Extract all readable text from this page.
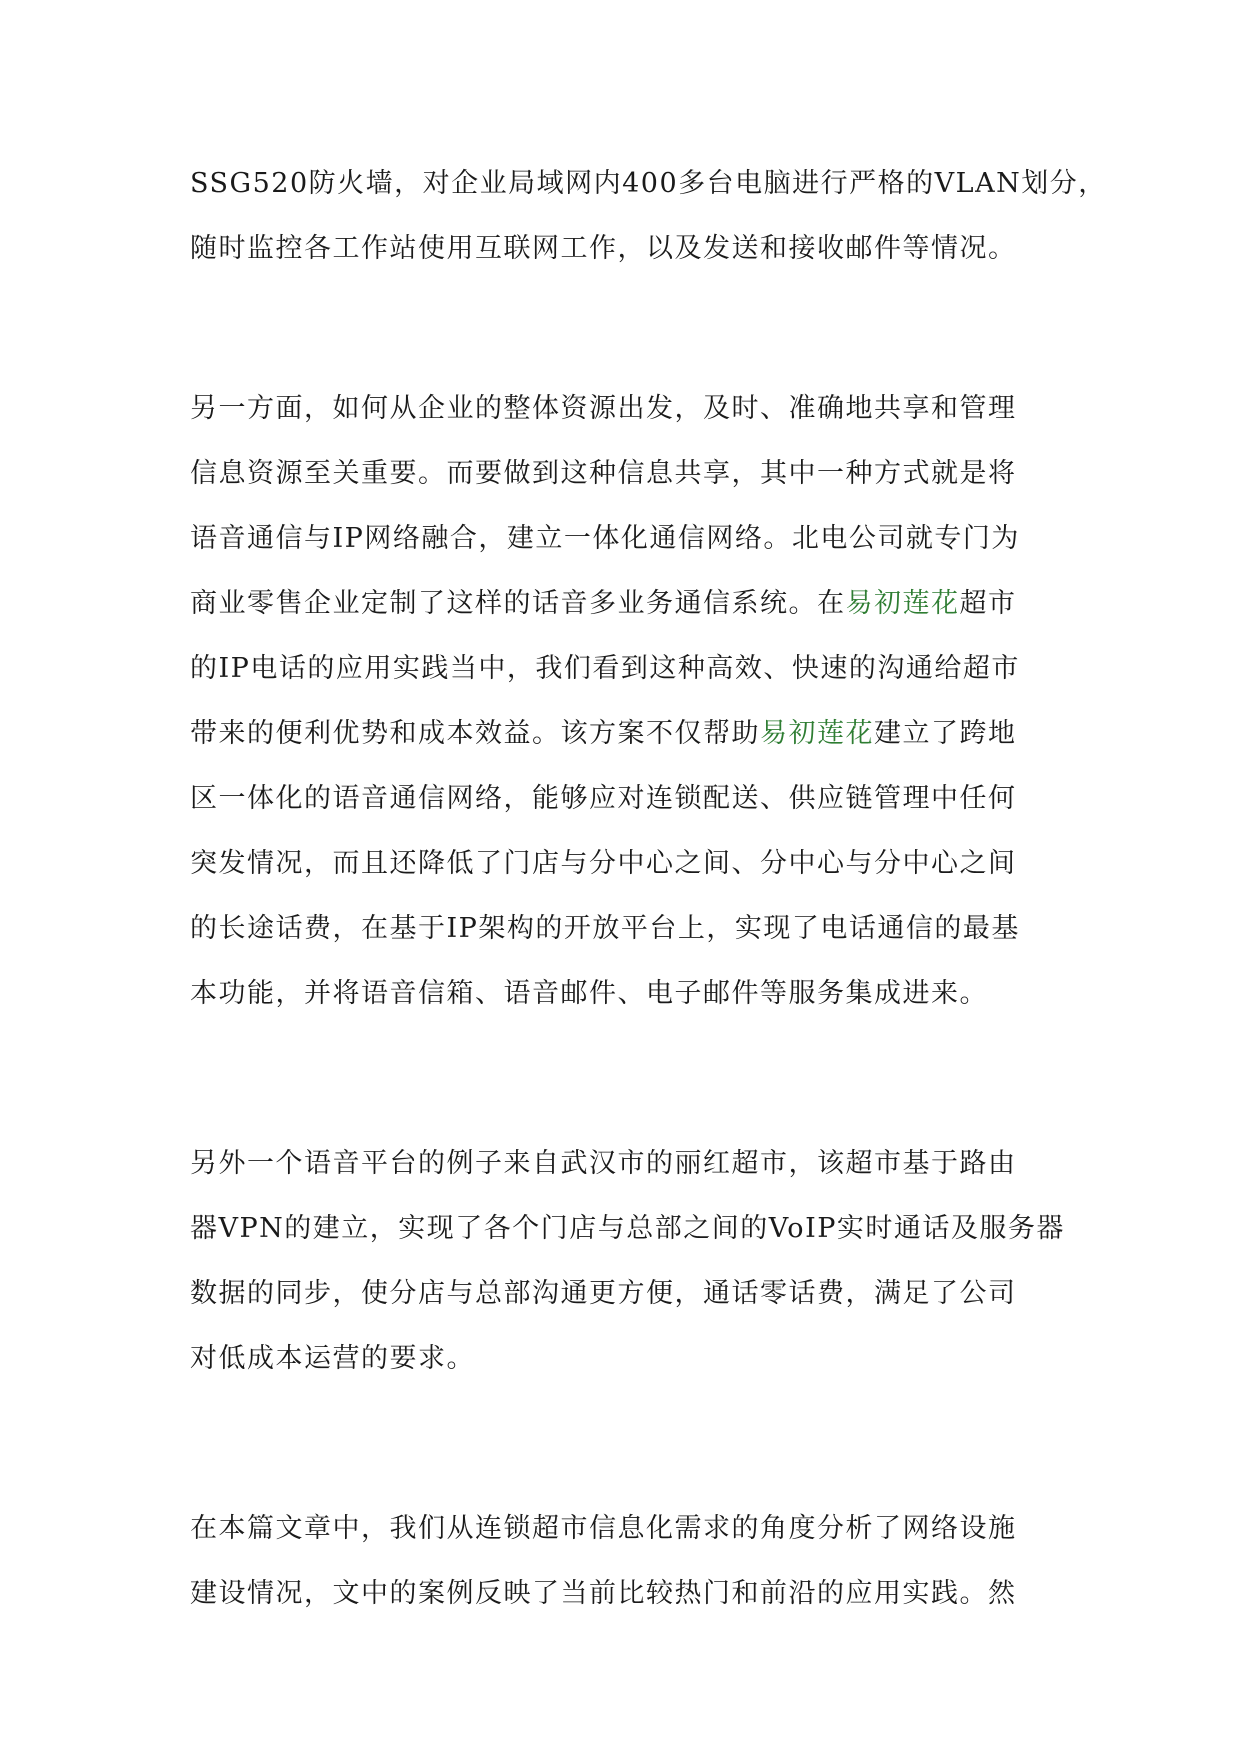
SSG520防火墙，对企业局域网内400多台电脑进行严格的VLAN划分，
随时监控各工作站使用互联网工作，以及发送和接收邮件等情况。
另一方面，如何从企业的整体资源出发，及时、准确地共享和管理
信息资源至关重要。而要做到这种信息共享，其中一种方式就是将
语音通信与IP网络融合，建立一体化通信网络。北电公司就专门为
商业零售企业定制了这样的话音多业务通信系统。在易初莲花超市
的IP电话的应用实践当中，我们看到这种高效、快速的沟通给超市
带来的便利优势和成本效益。该方案不仅帮助易初莲花建立了跨地
区一体化的语音通信网络，能够应对连锁配送、供应链管理中任何
突发情况，而且还降低了门店与分中心之间、分中心与分中心之间
的长途话费，在基于IP架构的开放平台上，实现了电话通信的最基
本功能，并将语音信箱、语音邮件、电子邮件等服务集成进来。
另外一个语音平台的例子来自武汉市的丽红超市，该超市基于路由
器VPN的建立，实现了各个门店与总部之间的VoIP实时通话及服务器
数据的同步，使分店与总部沟通更方便，通话零话费，满足了公司
对低成本运营的要求。
在本篇文章中，我们从连锁超市信息化需求的角度分析了网络设施
建设情况，文中的案例反映了当前比较热门和前沿的应用实践。然
